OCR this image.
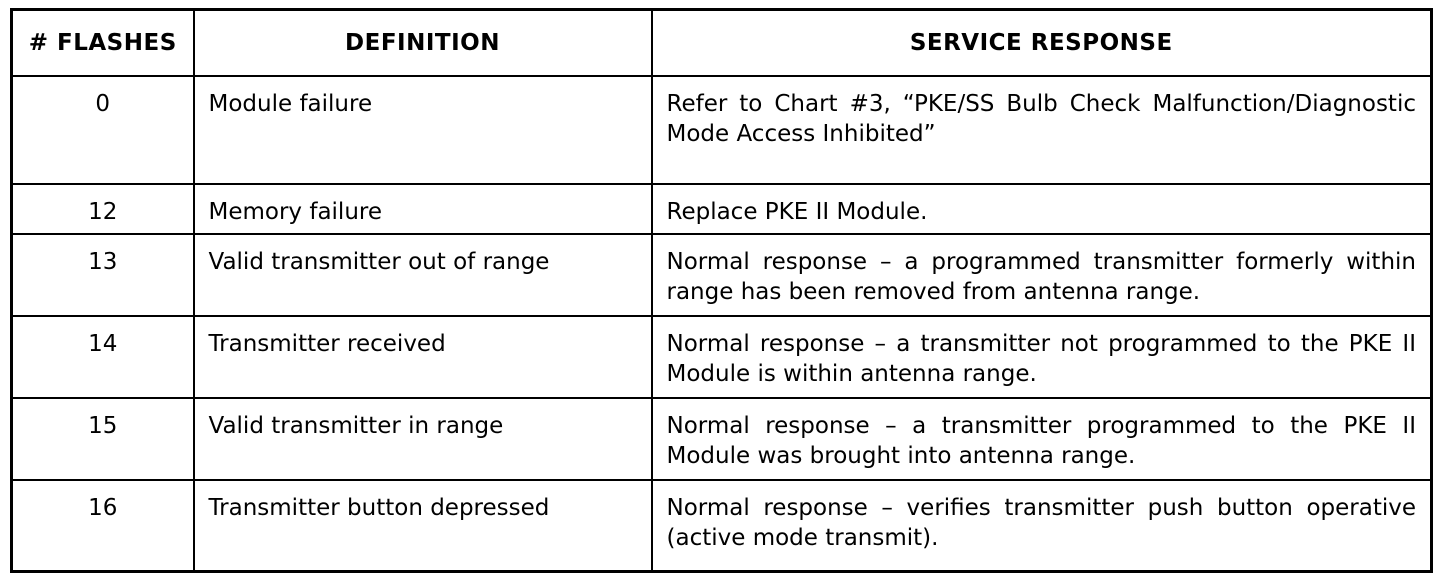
# FLASHES	DEFINITION	SERVICE RESPONSE
0	Module failure	Refer to Chart #3, “PKE/SS Bulb Check Malfunction/Diagnostic Mode Access Inhibited”
12	Memory failure	Replace PKE II Module.
13	Valid transmitter out of range	Normal response – a programmed transmitter formerly within range has been removed from antenna range.
14	Transmitter received	Normal response – a transmitter not programmed to the PKE II Module is within antenna range.
15	Valid transmitter in range	Normal response – a transmitter programmed to the PKE II Module was brought into antenna range.
16	Transmitter button depressed	Normal response – verifies transmitter push button operative (active mode transmit).
